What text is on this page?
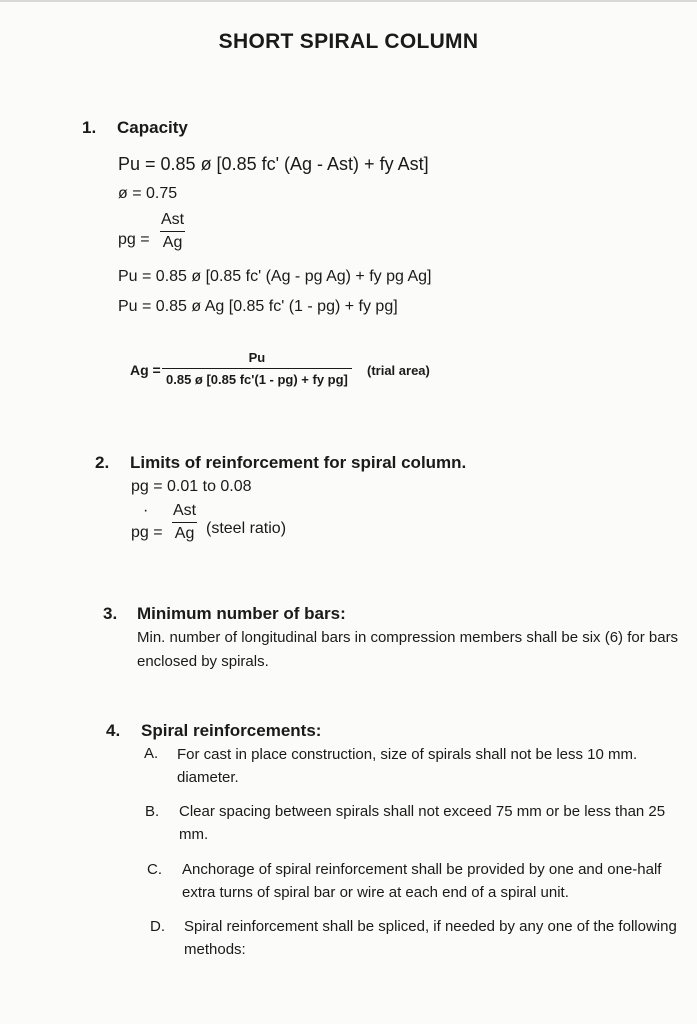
SHORT SPIRAL COLUMN
1. Capacity
Pu = 0.85 ø [0.85 fc' (Ag - Ast) + fy Ast]
ø = 0.75
pg =
Ast
Ag
Pu = 0.85 ø [0.85 fc' (Ag - pg Ag) + fy pg Ag]
Pu = 0.85 ø Ag [0.85 fc' (1 - pg) + fy pg]
$Ag = \frac{Pu}{\text{0.85 ø [0.85 fc'(1 - pg) + fy pg]}}$ (trial area)
2. Limits of reinforcement for spiral column.
pg = 0.01 to 0.08
·
pg =
Ast
Ag (steel ratio)
3. Minimum number of bars:
Min. number of longitudinal bars in compression members shall be six (6) for bars enclosed by spirals.
4. Spiral reinforcements:
A. For cast in place construction, size of spirals shall not be less 10 mm. diameter.
B. Clear spacing between spirals shall not exceed 75 mm or be less than 25 mm.
C. Anchorage of spiral reinforcement shall be provided by one and one-half extra turns of spiral bar or wire at each end of a spiral unit.
D. Spiral reinforcement shall be spliced, if needed by any one of the following methods:
